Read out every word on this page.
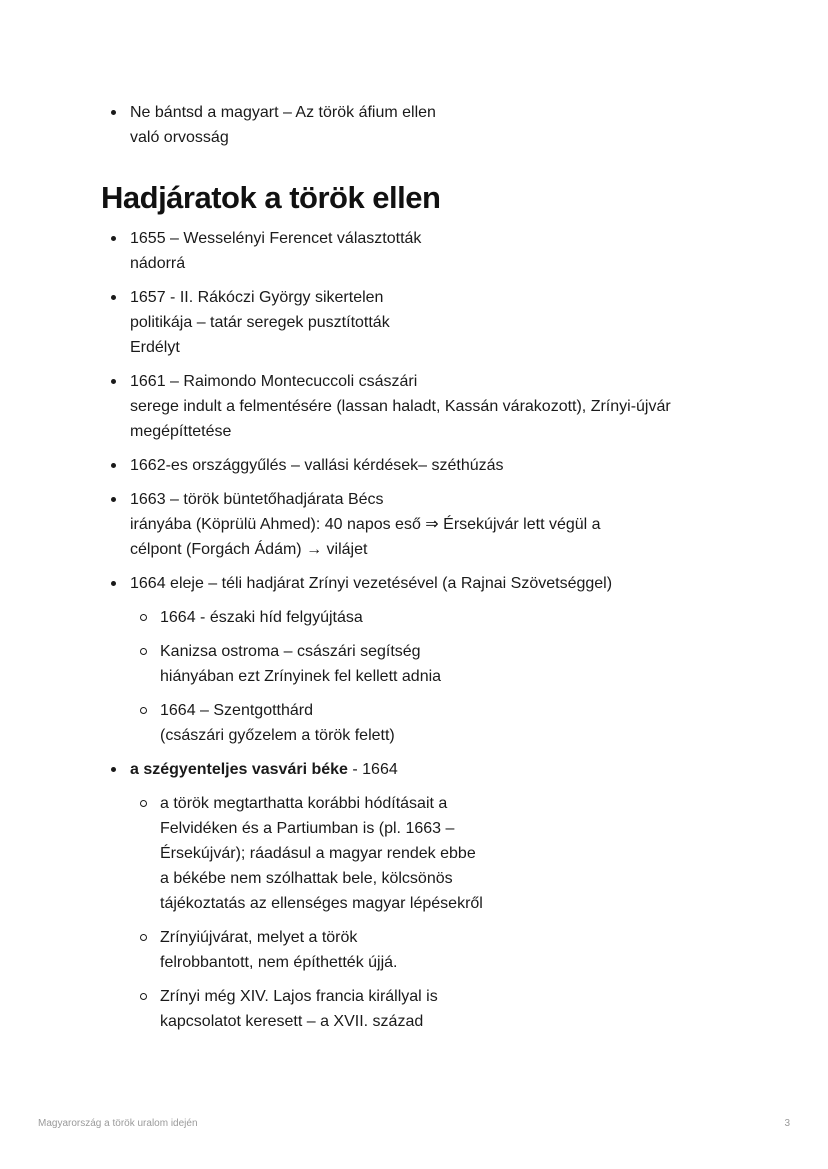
Ne bántsd a magyart – Az török áfium ellen
való orvosság
Hadjáratok a török ellen
1655 – Wesselényi Ferencet választották
nádorrá
1657 - II. Rákóczi György sikertelen
politikája – tatár seregek pusztították
Erdélyt
1661 – Raimondo Montecuccoli császári
serege indult a felmentésére (lassan haladt, Kassán várakozott), Zrínyi-újvár
megépíttetése
1662-es országgyűlés – vallási kérdések– széthúzás
1663 – török büntetőhadjárata Bécs
irányába (Köprülü Ahmed): 40 napos eső ⇒ Érsekújvár lett végül a
célpont (Forgách Ádám) → vilájet
1664 eleje – téli hadjárat Zrínyi vezetésével (a Rajnai Szövetséggel)
1664 - északi híd felgyújtása
Kanizsa ostroma – császári segítség
hiányában ezt Zrínyinek fel kellett adnia
1664 – Szentgotthárd
(császári győzelem a török felett)
a szégyenteljes vasvári béke - 1664
a török megtarthatta korábbi hódításait a
Felvidéken és a Partiumban is (pl. 1663 –
Érsekújvár); ráadásul a magyar rendek ebbe
a békébe nem szólhattak bele, kölcsönös
tájékoztatás az ellenséges magyar lépésekről
Zrínyiújvárat, melyet a török
felrobbantott, nem építhették újjá.
Zrínyi még XIV. Lajos francia királlyal is
kapcsolatot keresett – a XVII. század
Magyarország a török uralom idején	3
